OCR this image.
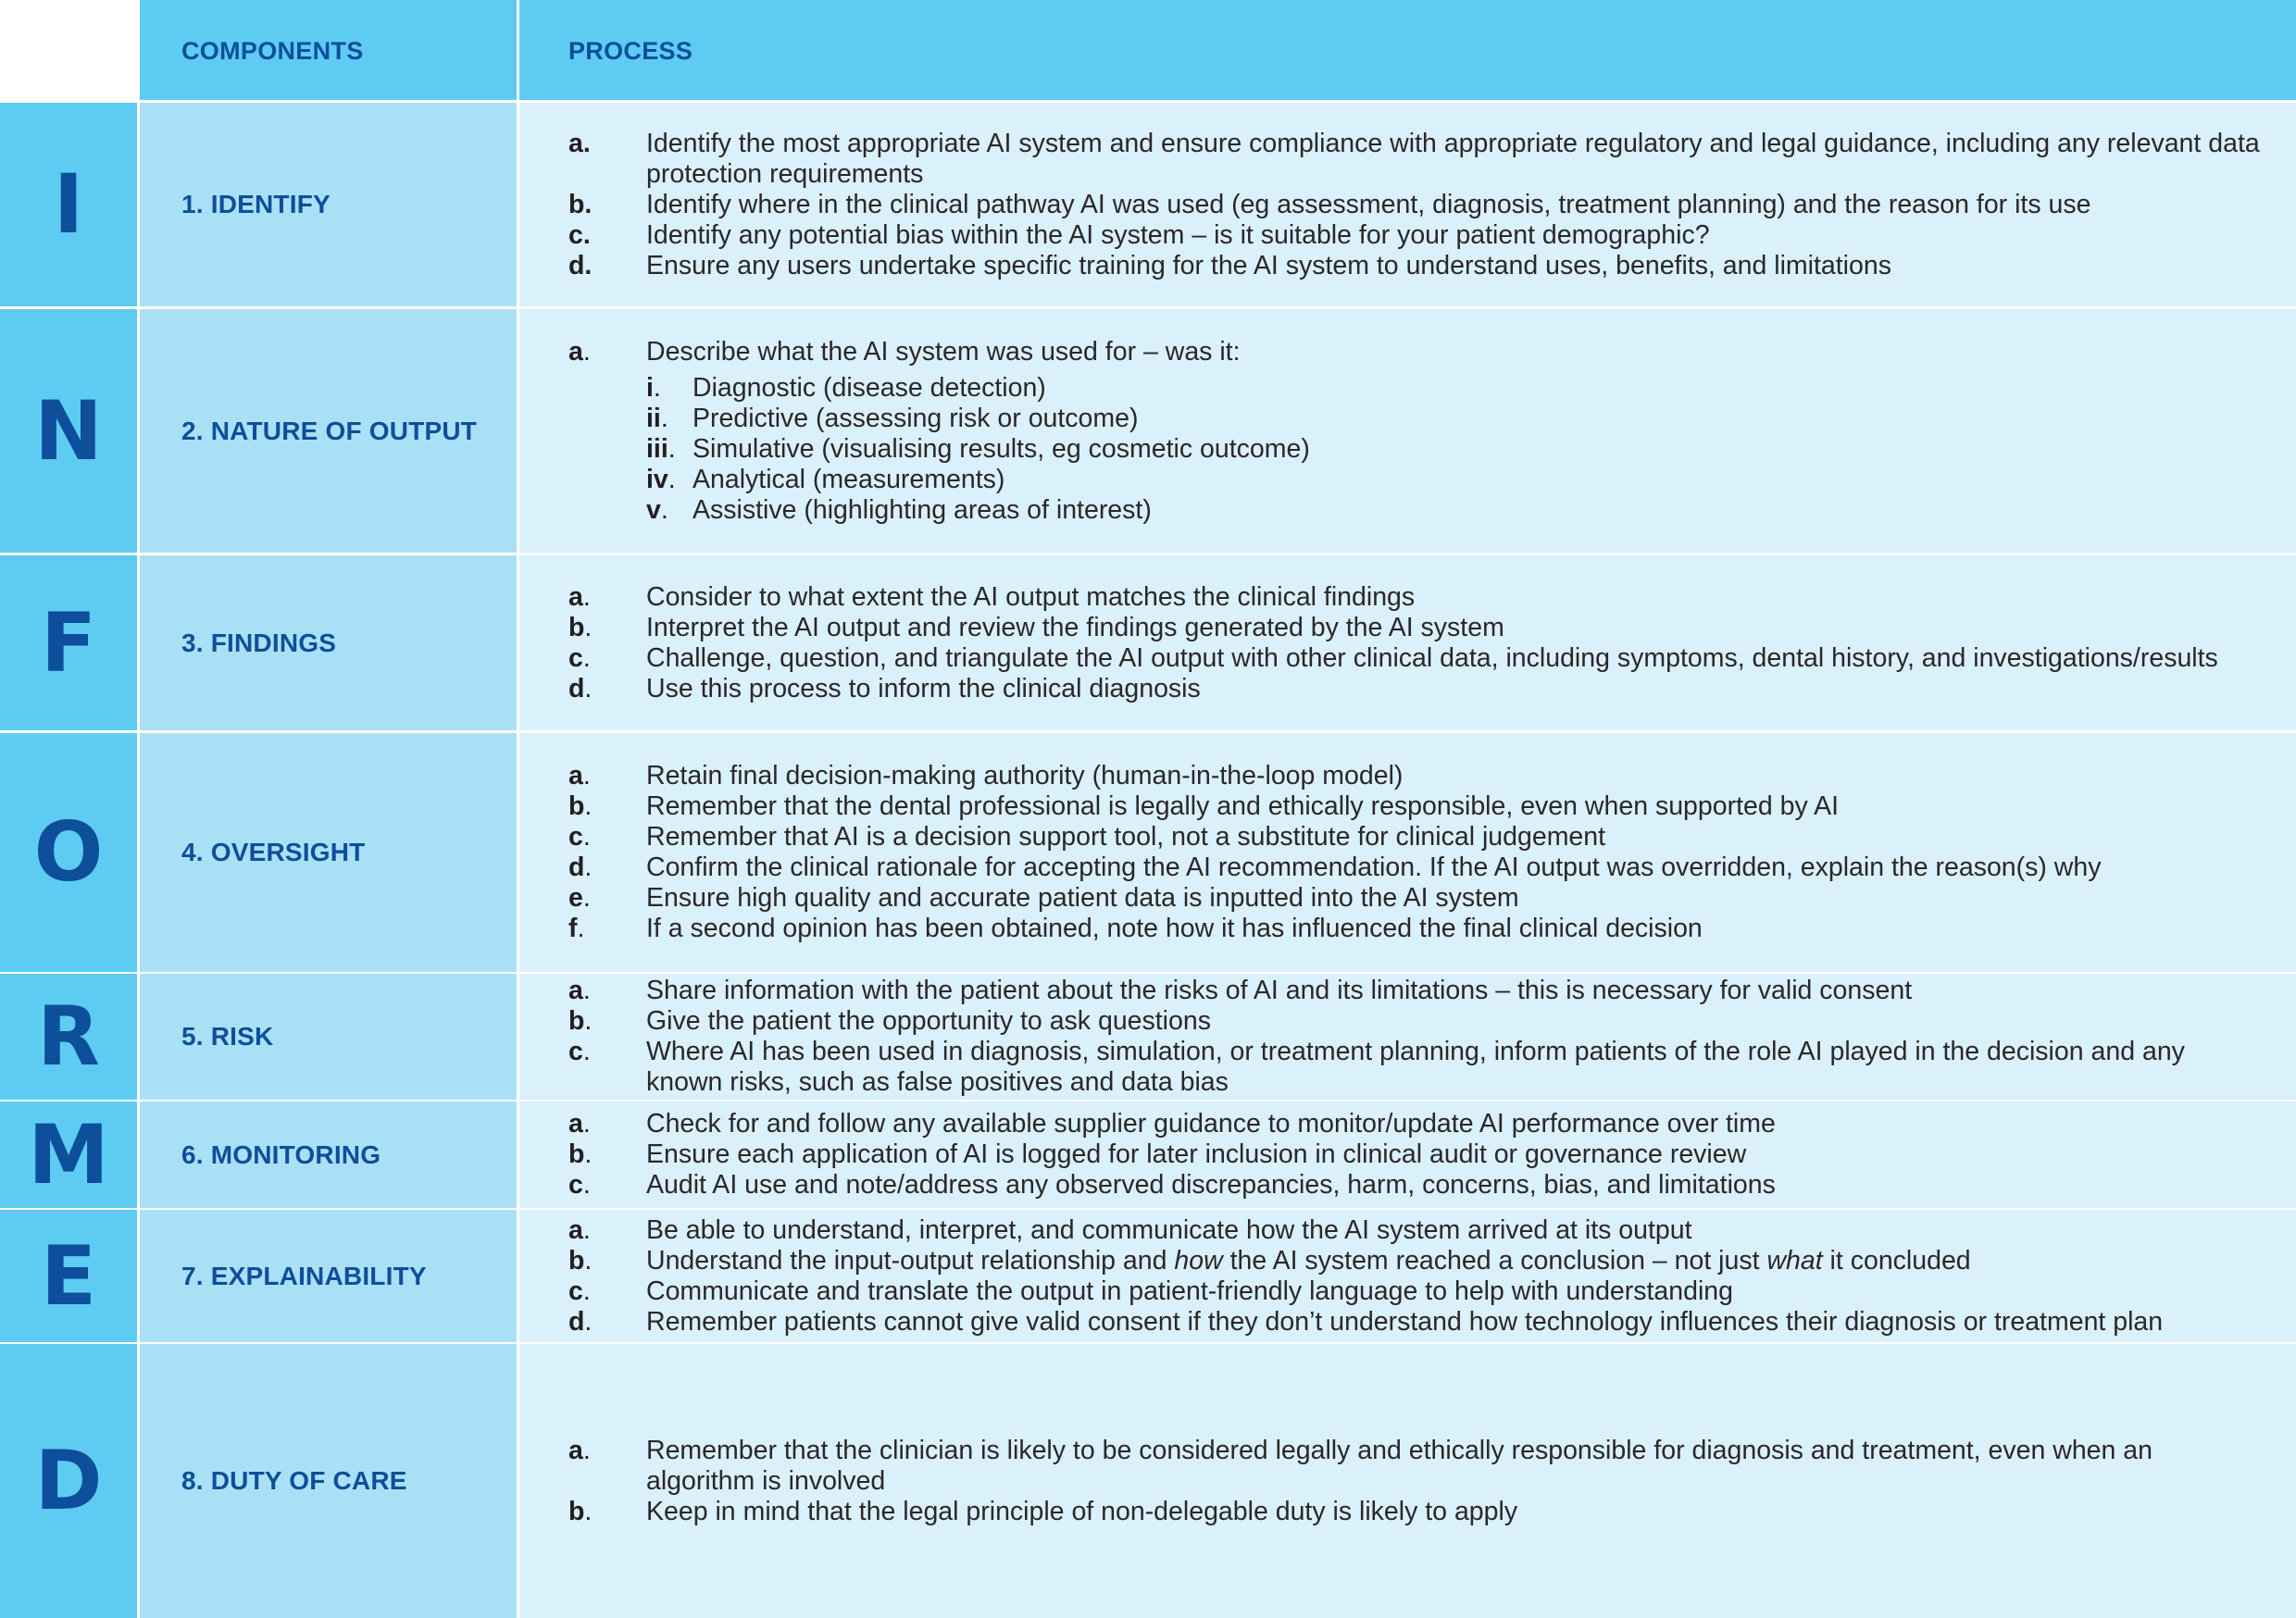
COMPONENTS	PROCESS
I	1. IDENTIFY
a. Identify the most appropriate AI system and ensure compliance with appropriate regulatory and legal guidance, including any relevant data protection requirements
b. Identify where in the clinical pathway AI was used (eg assessment, diagnosis, treatment planning) and the reason for its use
c. Identify any potential bias within the AI system – is it suitable for your patient demographic?
d. Ensure any users undertake specific training for the AI system to understand uses, benefits, and limitations
N	2. NATURE OF OUTPUT
a. Describe what the AI system was used for – was it:
i. Diagnostic (disease detection)
ii. Predictive (assessing risk or outcome)
iii. Simulative (visualising results, eg cosmetic outcome)
iv. Analytical (measurements)
v. Assistive (highlighting areas of interest)
F	3. FINDINGS
a. Consider to what extent the AI output matches the clinical findings
b. Interpret the AI output and review the findings generated by the AI system
c. Challenge, question, and triangulate the AI output with other clinical data, including symptoms, dental history, and investigations/results
d. Use this process to inform the clinical diagnosis
O	4. OVERSIGHT
a. Retain final decision-making authority (human-in-the-loop model)
b. Remember that the dental professional is legally and ethically responsible, even when supported by AI
c. Remember that AI is a decision support tool, not a substitute for clinical judgement
d. Confirm the clinical rationale for accepting the AI recommendation. If the AI output was overridden, explain the reason(s) why
e. Ensure high quality and accurate patient data is inputted into the AI system
f. If a second opinion has been obtained, note how it has influenced the final clinical decision
R	5. RISK
a. Share information with the patient about the risks of AI and its limitations – this is necessary for valid consent
b. Give the patient the opportunity to ask questions
c. Where AI has been used in diagnosis, simulation, or treatment planning, inform patients of the role AI played in the decision and any known risks, such as false positives and data bias
M	6. MONITORING
a. Check for and follow any available supplier guidance to monitor/update AI performance over time
b. Ensure each application of AI is logged for later inclusion in clinical audit or governance review
c. Audit AI use and note/address any observed discrepancies, harm, concerns, bias, and limitations
E	7. EXPLAINABILITY
a. Be able to understand, interpret, and communicate how the AI system arrived at its output
b. Understand the input-output relationship and how the AI system reached a conclusion – not just what it concluded
c. Communicate and translate the output in patient-friendly language to help with understanding
d. Remember patients cannot give valid consent if they don’t understand how technology influences their diagnosis or treatment plan
D	8. DUTY OF CARE
a. Remember that the clinician is likely to be considered legally and ethically responsible for diagnosis and treatment, even when an algorithm is involved
b. Keep in mind that the legal principle of non-delegable duty is likely to apply
